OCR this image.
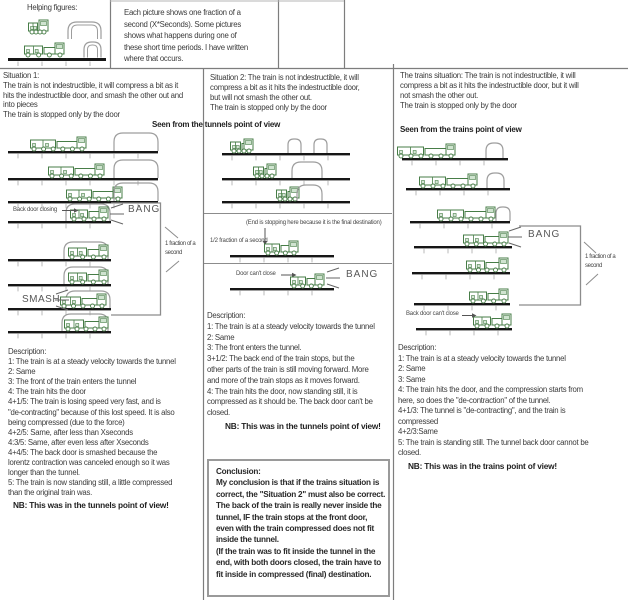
Helping figures:
Each picture shows one fraction of a
second (X*Seconds). Some pictures
shows what happens during one of
these short time periods. I have written
where that occurs.
Situation 1:
The train is not indestructible, it will compress a bit as it
hits the indestructible door, and smash the other out and
into pieces
The train is stopped only by the door
Situation 2: The train is not indestructible, it will
compress a bit as it hits the indestructible door,
but will not smash the other out.
The train is stopped only by the door
The trains situation: The train is not indestructible, it will
compress a bit as it hits the indestructible door, but it will
not smash the other out.
The train is stopped only by the door
Seen from the tunnels point of view
Seen from the trains point of view
Back door closing	BANG
1 fraction of a
second
SMASH
(End is stopping here because it is the final destination)
1/2 fraction of a second
Door can't close	BANG
BANG
1 fraction of a
second
Back door can't close
Description:
1: The train is at a steady velocity towards the tunnel
2: Same
3: The front of the train enters the tunnel
4: The train hits the door
4+1/5: The train is losing speed very fast, and is
"de-contracting" because of this lost speed. It is also
being compressed (due to the force)
4+2/5: Same, after less than Xseconds
4:3/5: Same, after even less after Xseconds
4+4/5: The back door is smashed because the
lorentz contraction was canceled enough so it was
longer than the tunnel.
5: The train is now standing still, a little compressed
than the original train was.
NB: This was in the tunnels point of view!
Description:
1: The train is at a steady velocity towards the tunnel
2: Same
3: The front enters the tunnel.
3+1/2: The back end of the train stops, but the
other parts of the train is still moving forward. More
and more of the train stops as it moves forward.
4: The train hits the door, now standing still, it is
compressed as it should be. The back door can't be
closed.
NB: This was in the tunnels point of view!
Description:
1: The train is at a steady velocity towards the tunnel
2: Same
3: Same
4: The train hits the door, and the compression starts from
here, so does the "de-contraction" of the tunnel.
4+1/3: The tunnel is "de-contracting", and the train is
compressed
4+2/3:Same
5: The train is standing still. The tunnel back door cannot be
closed.
NB: This was in the trains point of view!
Conclusion:
My conclusion is that if the trains situation is
correct, the "Situation 2" must also be correct.
The back of the train is really never inside the
tunnel, IF the train stops at the front door,
even with the train compressed does not fit
inside the tunnel.
(If the train was to fit inside the tunnel in the
end, with both doors closed, the train have to
fit inside in compressed (final) destination.
